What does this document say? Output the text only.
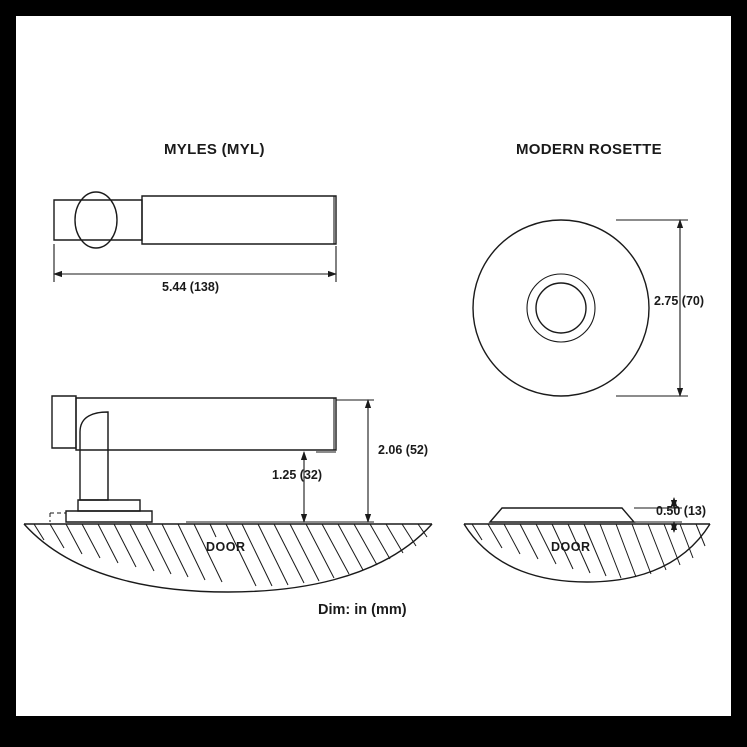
MYLES (MYL)	MODERN ROSETTE
5.44 (138)
2.75 (70)
2.06 (52)
1.25 (32)
0.50 (13)
DOOR	DOOR
Dim: in (mm)
